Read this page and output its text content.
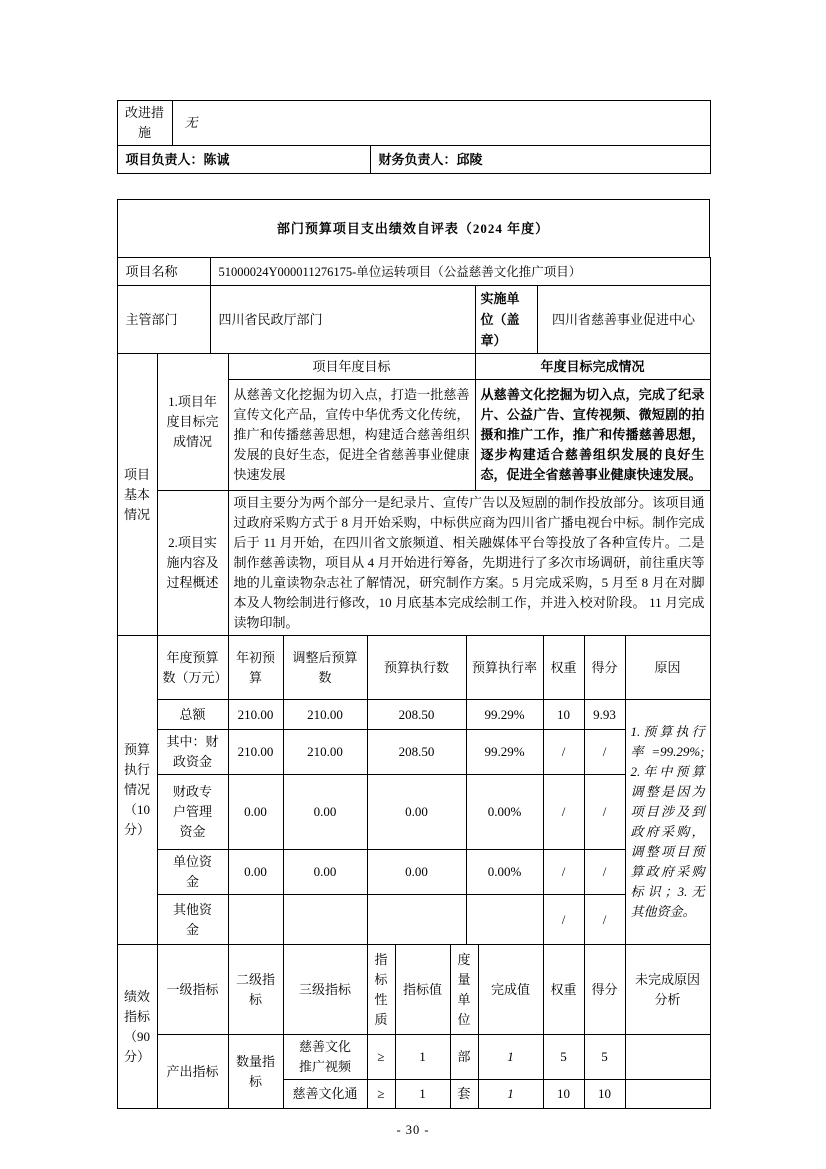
改进措施	无	
项目负责人：陈诚		财务负责人：邱陵
部门预算项目支出绩效自评表（2024 年度）
项目名称	51000024Y000011276175-单位运转项目（公益慈善文化推广项目）		
主管部门	四川省民政厅部门	实施单位（盖章）	四川省慈善事业促进中心
项目基本情况	1.项目年度目标完成情况	项目年度目标	年度目标完成情况
		从慈善文化挖掘为切入点，打造一批慈善宣传文化产品，宣传中华优秀文化传统，推广和传播慈善思想，构建适合慈善组织发展的良好生态，促进全省慈善事业健康快速发展	从慈善文化挖掘为切入点，完成了纪录片、公益广告、宣传视频、微短剧的拍摄和推广工作，推广和传播慈善思想，逐步构建适合慈善组织发展的良好生态，促进全省慈善事业健康快速发展。
	2.项目实施内容及过程概述	项目主要分为两个部分一是纪录片、宣传广告以及短剧的制作投放部分。该项目通过政府采购方式于 8 月开始采购，中标供应商为四川省广播电视台中标。制作完成后于 11 月开始，在四川省文旅频道、相关融媒体平台等投放了各种宣传片。二是制作慈善读物，项目从 4 月开始进行筹备，先期进行了多次市场调研，前往重庆等地的儿童读物杂志社了解情况，研究制作方案。5 月完成采购，5 月至 8 月在对脚本及人物绘制进行修改，10 月底基本完成绘制工作，并进入校对阶段。 11 月完成读物印制。	
预算执行情况（10分）	年度预算数（万元）	年初预算	调整后预算数	预算执行数	预算执行率	权重	得分	原因
	总额	210.00	210.00	208.50	99.29%	10	9.93	1.预算执行率=99.29%;2.年中预算调整是因为项目涉及到政府采购，调整项目预算政府采购标识；3.无其他资金。
	其中：财政资金	210.00	210.00	208.50	99.29%	/	/	
	财政专户管理资金	0.00	0.00	0.00	0.00%	/	/	
	单位资金	0.00	0.00	0.00	0.00%	/	/	
	其他资金					/	/	
绩效指标（90分）	一级指标	二级指标	三级指标	指标性质	指标值	度量单位	完成值	权重	得分	未完成原因分析
	产出指标	数量指标	慈善文化推广视频	≥	1	部	1	5	5	
			慈善文化通	≥	1	套	1	10	10	
- 30 -
